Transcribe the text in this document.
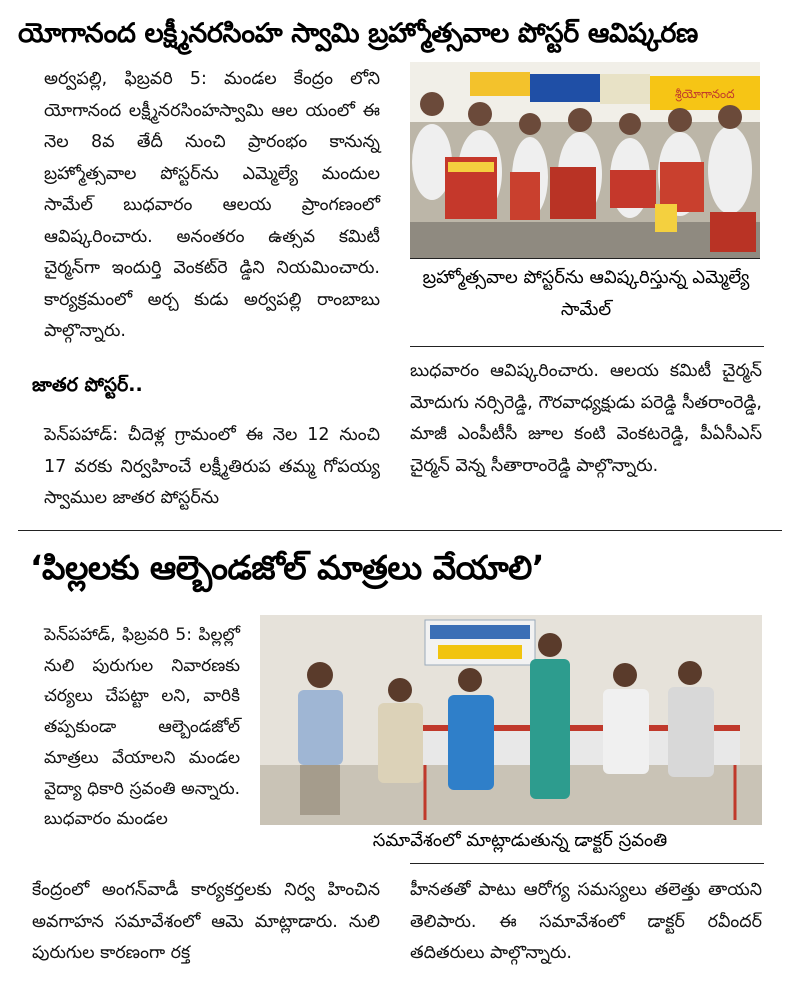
యోగానంద లక్ష్మీనరసింహ స్వామి బ్రహ్మోత్సవాల పోస్టర్ ఆవిష్కరణ

అర్వపల్లి, ఫిబ్రవరి 5: మండల కేంద్రం లోని యోగానంద లక్ష్మీనరసింహస్వామి ఆల యంలో ఈ నెల 8వ తేదీ నుంచి ప్రారంభం కానున్న బ్రహ్మోత్సవాల పోస్టర్‌ను ఎమ్మెల్యే మందుల సామేల్ బుధవారం ఆలయ ప్రాంగణంలో ఆవిష్కరించారు. అనంతరం ఉత్సవ కమిటీ చైర్మన్‌గా ఇందుర్తి వెంకట్‌రె డ్డిని నియమించారు. కార్యక్రమంలో అర్చ కుడు అర్వపల్లి రాంబాబు పాల్గొన్నారు.

శ్రీయోగానంద
బ్రహ్మోత్సవాల పోస్టర్‌ను ఆవిష్కరిస్తున్న ఎమ్మెల్యే సామేల్
జాతర పోస్టర్..

పెన్‌పహాడ్: చీదెళ్ల గ్రామంలో ఈ నెల 12 నుంచి 17 వరకు నిర్వహించే లక్ష్మీతిరుప తమ్మ గోపయ్య స్వాముల జాతర పోస్టర్‌ను

బుధవారం ఆవిష్కరించారు. ఆలయ కమిటీ చైర్మన్ మోదుగు నర్సిరెడ్డి, గౌరవాధ్యక్షుడు పరెడ్డి సీతరాంరెడ్డి, మాజీ ఎంపీటీసీ జూల కంటి వెంకటరెడ్డి, పీఏసీఎస్ చైర్మన్ వెన్న సీతారాంరెడ్డి పాల్గొన్నారు.

‘పిల్లలకు ఆల్బెండజోల్ మాత్రలు వేయాలి’

పెన్‌పహాడ్, ఫిబ్రవరి 5: పిల్లల్లో నులి పురుగుల నివారణకు చర్యలు చేపట్టా లని, వారికి తప్పకుండా ఆల్బెండజోల్ మాత్రలు వేయాలని మండల వైద్యా ధికారి స్రవంతి అన్నారు. బుధవారం మండల

సమావేశంలో మాట్లాడుతున్న డాక్టర్ స్రవంతి

కేంద్రంలో అంగన్‌వాడీ కార్యకర్తలకు నిర్వ హించిన అవగాహన సమావేశంలో ఆమె మాట్లాడారు. నులి పురుగుల కారణంగా రక్త

హీనతతో పాటు ఆరోగ్య సమస్యలు తలెత్తు తాయని తెలిపారు. ఈ సమావేశంలో డాక్టర్ రవీందర్ తదితరులు పాల్గొన్నారు.
